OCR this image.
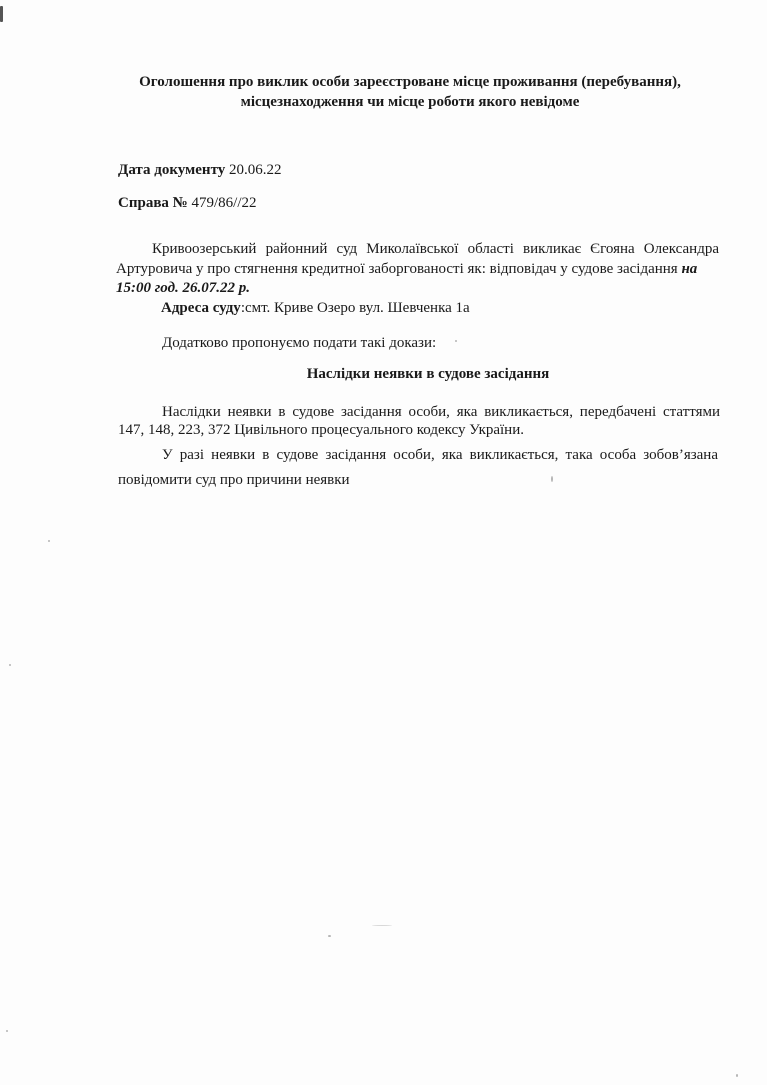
Оголошення про виклик особи зареєстроване місце проживання (перебування),
місцезнаходження чи місце роботи якого невідоме
Дата документу 20.06.22
Справа № 479/86//22
Кривоозерський районний суд Миколаївської області викликає Єгояна Олександра
Артуровича у про стягнення кредитної заборгованості як: відповідач у судове засідання на
15:00 год. 26.07.22 р.
Адреса суду:смт. Криве Озеро вул. Шевченка 1а
Додатково пропонуємо подати такі докази:
Наслідки неявки в судове засідання
Наслідки неявки в судове засідання особи, яка викликається, передбачені статтями
147, 148, 223, 372 Цивільного процесуального кодексу України.
У разі неявки в судове засідання особи, яка викликається, така особа зобов’язана
повідомити суд про причини неявки
